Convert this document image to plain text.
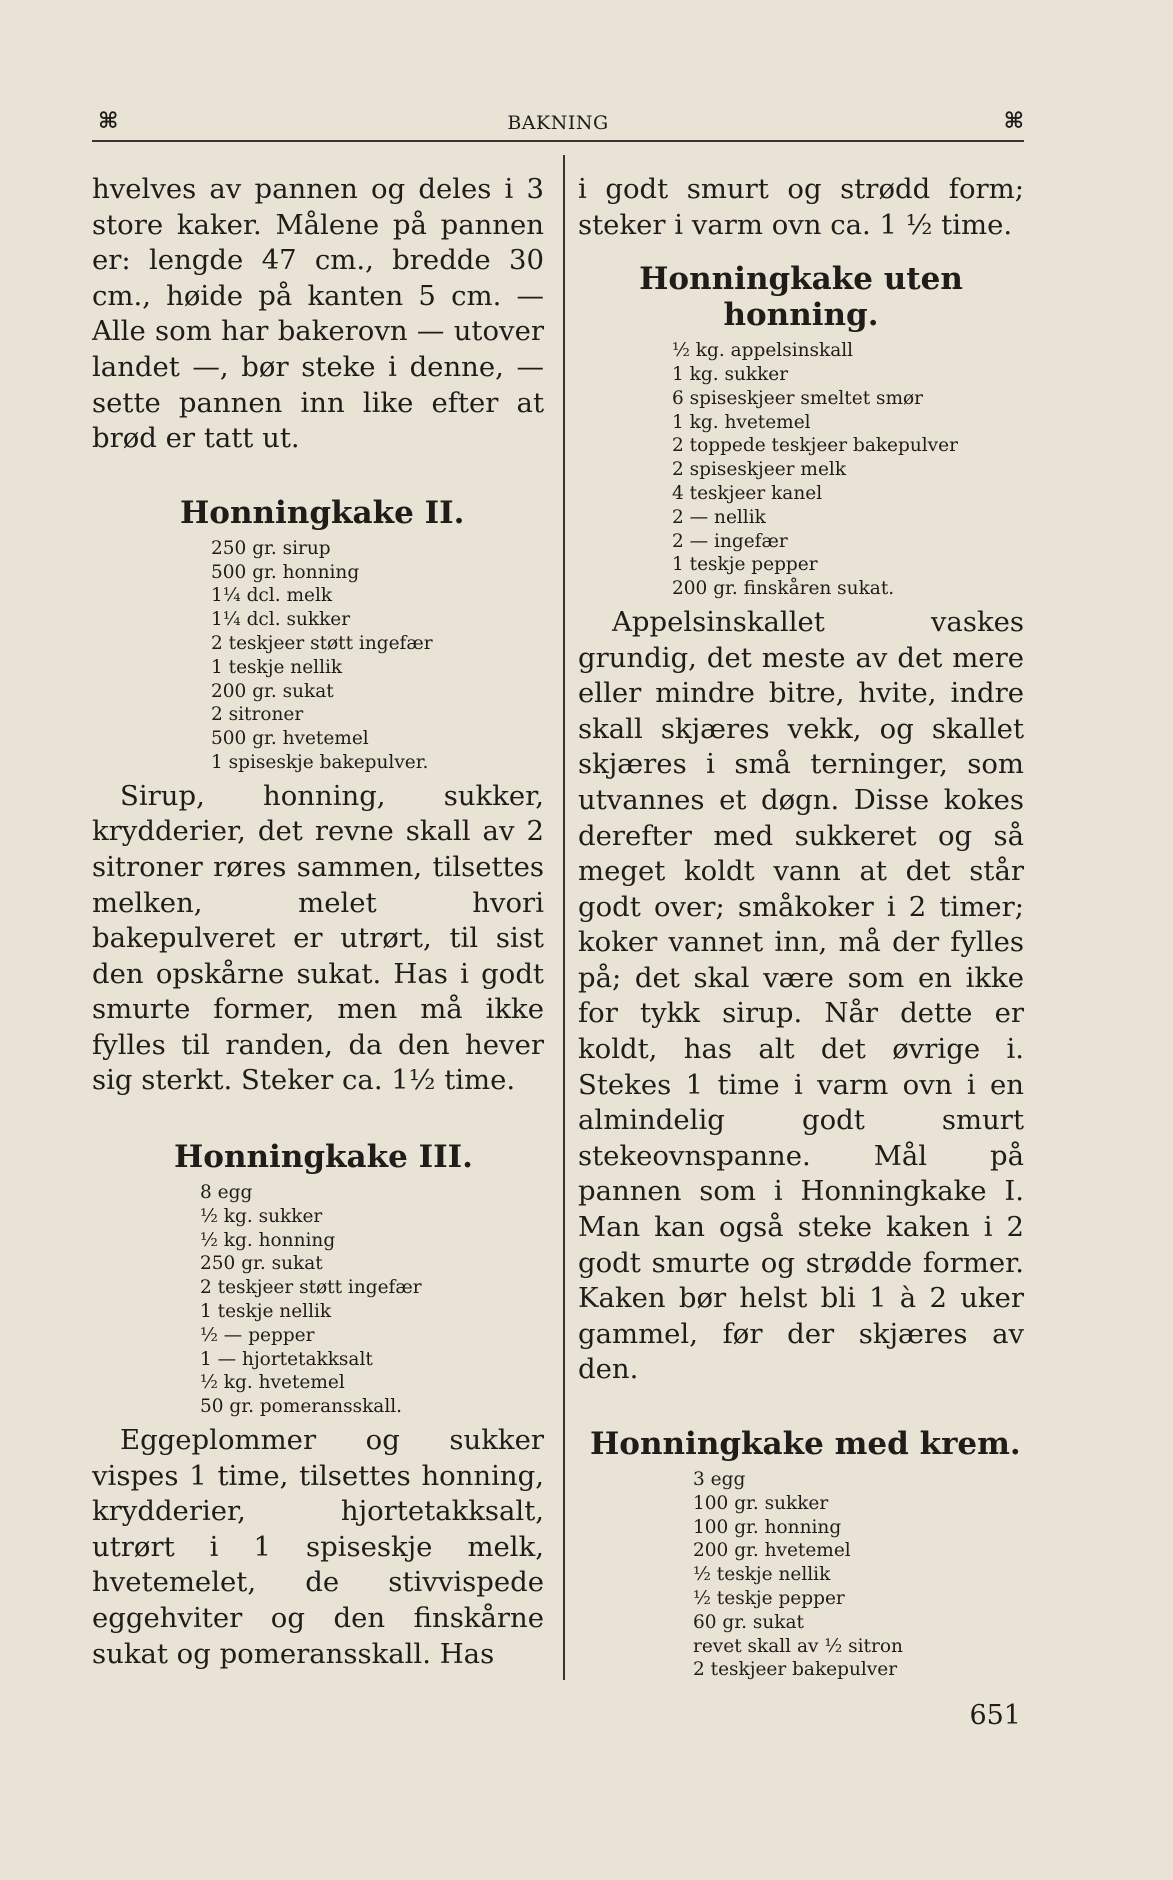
⌘	BAKNING	⌘

hvelves av pannen og deles i 3 store kaker. Målene på pannen er: lengde 47 cm., bredde 30 cm., høide på kanten 5 cm. — Alle som har bakerovn — utover landet —, bør steke i denne, — sette pannen inn like efter at brød er tatt ut.

Honningkake II.
250 gr. sirup
500 gr. honning
1¼ dcl. melk
1¼ dcl. sukker
2 teskjeer støtt ingefær
1 teskje nellik
200 gr. sukat
2 sitroner
500 gr. hvetemel
1 spiseskje bakepulver.

Sirup, honning, sukker, krydderier, det revne skall av 2 sitroner røres sammen, tilsettes melken, melet hvori bakepulveret er utrørt, til sist den opskårne sukat. Has i godt smurte former, men må ikke fylles til randen, da den hever sig sterkt. Steker ca. 1½ time.

Honningkake III.
8 egg
½ kg. sukker
½ kg. honning
250 gr. sukat
2 teskjeer støtt ingefær
1 teskje nellik
½ — pepper
1 — hjortetakksalt
½ kg. hvetemel
50 gr. pomeransskall.

Eggeplommer og sukker vispes 1 time, tilsettes honning, krydderier, hjortetakksalt, utrørt i 1 spiseskje melk, hvetemelet, de stivvispede eggehviter og den finskårne sukat og pomeransskall. Has

i godt smurt og strødd form; steker i varm ovn ca. 1 ½ time.

Honningkake uten honning.
½ kg. appelsinskall
1 kg. sukker
6 spiseskjeer smeltet smør
1 kg. hvetemel
2 toppede teskjeer bakepulver
2 spiseskjeer melk
4 teskjeer kanel
2 — nellik
2 — ingefær
1 teskje pepper
200 gr. finskåren sukat.

Appelsinskallet vaskes grundig, det meste av det mere eller mindre bitre, hvite, indre skall skjæres vekk, og skallet skjæres i små terninger, som utvannes et døgn. Disse kokes derefter med sukkeret og så meget koldt vann at det står godt over; småkoker i 2 timer; koker vannet inn, må der fylles på; det skal være som en ikke for tykk sirup. Når dette er koldt, has alt det øvrige i. Stekes 1 time i varm ovn i en almindelig godt smurt stekeovnspanne. Mål på pannen som i Honningkake I. Man kan også steke kaken i 2 godt smurte og strødde former. Kaken bør helst bli 1 à 2 uker gammel, før der skjæres av den.

Honningkake med krem.
3 egg
100 gr. sukker
100 gr. honning
200 gr. hvetemel
½ teskje nellik
½ teskje pepper
60 gr. sukat
revet skall av ½ sitron
2 teskjeer bakepulver
651
